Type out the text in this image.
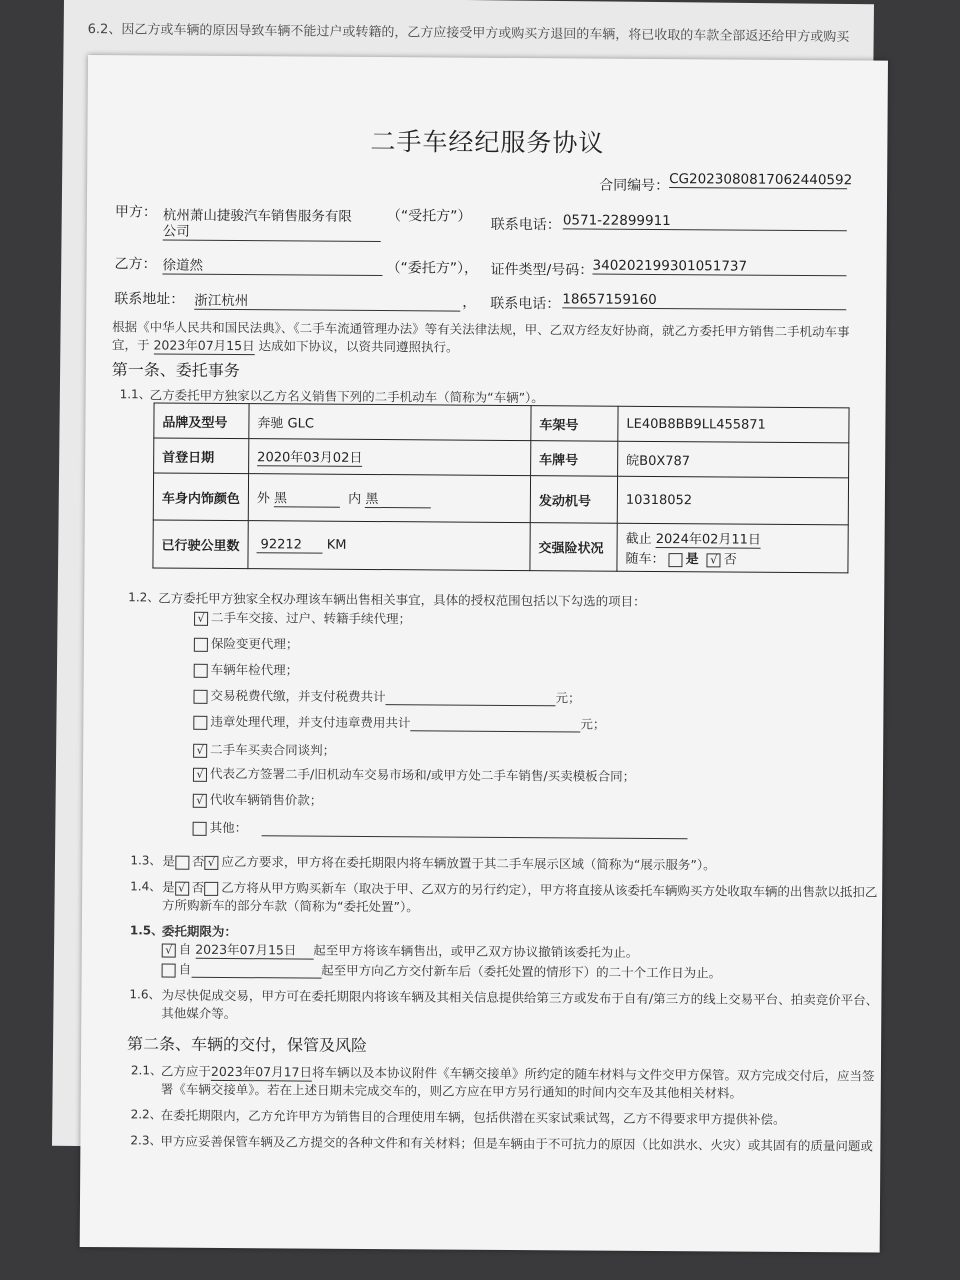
6.2、因乙方或车辆的原因导致车辆不能过户或转籍的，乙方应接受甲方或购买方退回的车辆，将已收取的车款全部返还给甲方或购买
二手车经纪服务协议
合同编号： CG2023080817062440592
甲方： 杭州萧山捷骏汽车销售服务有限
公司
（“受托方”）
联系电话： 0571-22899911
乙方： 徐道然	（“委托方”）， 证件类型/号码： 340202199301051737
联系地址： 浙江杭州	， 联系电话： 18657159160
根据《中华人民共和国民法典》、《二手车流通管理办法》等有关法律法规，甲、乙双方经友好协商，就乙方委托甲方销售二手机动车事
宜，于 2023年07月15日 达成如下协议，以资共同遵照执行。
第一条、委托事务
1.1、
乙方委托甲方独家以乙方名义销售下列的二手机动车（简称为“车辆”）。
品牌及型号	奔驰 GLC	车架号	LE40B8BB9LL455871
首登日期	2020年03月02日	车牌号	皖B0X787
车身内饰颜色	外 黑 内 黑	发动机号	10318052
已行驶公里数	92212 KM	交强险状况	截止 2024年02月11日
随车： 是 √ 否
1.2、
乙方委托甲方独家全权办理该车辆出售相关事宜，具体的授权范围包括以下勾选的项目：
√ 二手车交接、过户、转籍手续代理；
保险变更代理；
车辆年检代理；
交易税费代缴，并支付税费共计	元；
违章处理代理，并支付违章费用共计	元；
√ 二手车买卖合同谈判；
√ 代表乙方签署二手/旧机动车交易市场和/或甲方处二手车销售/买卖模板合同；
√ 代收车辆销售价款；
其他：
1.3、 是 否 √ 应乙方要求，甲方将在委托期限内将车辆放置于其二手车展示区域（简称为“展示服务”）。
1.4、 是 √ 否 乙方将从甲方购买新车（取决于甲、乙双方的另行约定），甲方将直接从该委托车辆购买方处收取车辆的出售款以抵扣乙
方所购新车的部分车款（简称为“委托处置”）。
1.5、
委托期限为：
√ 自 2023年07月15日 起至甲方将该车辆售出，或甲乙双方协议撤销该委托为止。
自	起至甲方向乙方交付新车后（委托处置的情形下）的二十个工作日为止。
1.6、 为尽快促成交易，甲方可在委托期限内将该车辆及其相关信息提供给第三方或发布于自有/第三方的线上交易平台、拍卖竞价平台、
其他媒介等。
第二条、车辆的交付，保管及风险
2.1、
乙方应于2023年07月17日将车辆以及本协议附件《车辆交接单》所约定的随车材料与文件交甲方保管。双方完成交付后，应当签
署《车辆交接单》。若在上述日期未完成交车的，则乙方应在甲方另行通知的时间内交车及其他相关材料。
2.2、
在委托期限内，乙方允许甲方为销售目的合理使用车辆，包括供潜在买家试乘试驾，乙方不得要求甲方提供补偿。
2.3、
甲方应妥善保管车辆及乙方提交的各种文件和有关材料；但是车辆由于不可抗力的原因（比如洪水、火灾）或其固有的质量问题或
